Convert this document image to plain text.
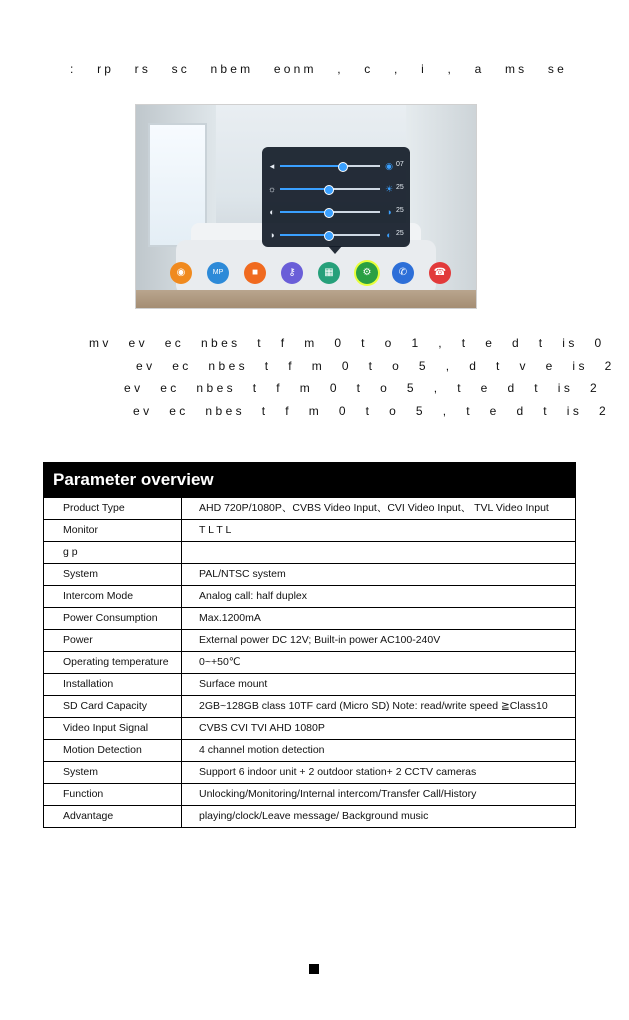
: rp rs sc nbem eonm , c , i , a ms se
◂	◉ 07
☼	☀ 25
◐	◑ 25
◑	◐ 25
◉	MP	■	⚷	▦	⚙	✆	☎
mv ev ec nbes t f m 0 t o 1 , t e d t is 0
ev ec nbes t f m 0 t o 5 , d t v e is 2
ev ec nbes t f m 0 t o 5 , t e d t is 2
ev ec nbes t f m 0 t o 5 , t e d t is 2
Parameter overview
Product Type	AHD 720P/1080P、CVBS Video Input、CVI Video Input、 TVL Video Input
Monitor	T L T L
g p
System	PAL/NTSC system
Intercom Mode	Analog call: half duplex
Power Consumption	Max.1200mA
Power	External power DC 12V; Built-in power AC100-240V
Operating temperature	0~+50℃
Installation	Surface mount
SD Card Capacity	2GB~128GB class 10TF card (Micro SD) Note: read/write speed ≧Class10
Video Input Signal	CVBS CVI TVI AHD 1080P
Motion Detection	4 channel motion detection
System	Support 6 indoor unit + 2 outdoor station+ 2 CCTV cameras
Function	Unlocking/Monitoring/Internal intercom/Transfer Call/History
Advantage	playing/clock/Leave message/ Background music
